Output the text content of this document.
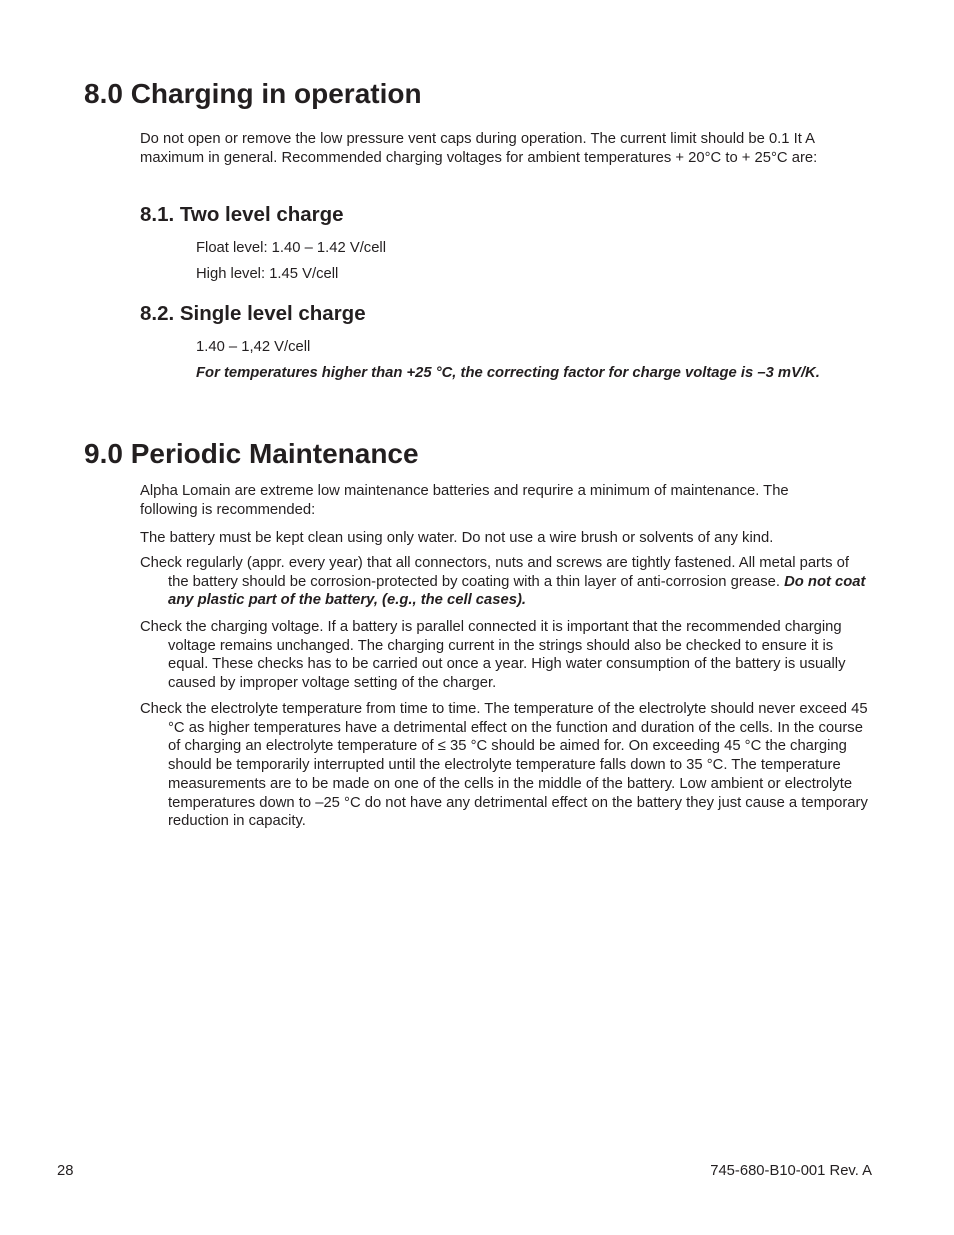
8.0 Charging in operation

Do not open or remove the low pressure vent caps during operation. The current limit should be 0.1 It A maximum in general. Recommended charging voltages for ambient temperatures + 20°C to + 25°C are:

8.1. Two level charge

Float level: 1.40 – 1.42 V/cell

High level: 1.45 V/cell

8.2. Single level charge

1.40 – 1,42 V/cell

For temperatures higher than +25 °C, the correcting factor for charge voltage is –3 mV/K.

9.0 Periodic Maintenance

Alpha Lomain are extreme low maintenance batteries and requrire a minimum of maintenance. The following is recommended:

The battery must be kept clean using only water. Do not use a wire brush or solvents of any kind.

Check regularly (appr. every year) that all connectors, nuts and screws are tightly fastened. All metal parts of the battery should be corrosion-protected by coating with a thin layer of anti-corrosion grease. Do not coat any plastic part of the battery, (e.g., the cell cases).

Check the charging voltage. If a battery is parallel connected it is important that the recommended charging voltage remains unchanged. The charging current in the strings should also be checked to ensure it is equal. These checks has to be carried out once a year. High water consumption of the battery is usually caused by improper voltage setting of the charger.

Check the electrolyte temperature from time to time. The temperature of the electrolyte should never exceed 45 °C as higher temperatures have a detrimental effect on the function and duration of the cells. In the course of charging an electrolyte temperature of ≤ 35 °C should be aimed for. On exceeding 45 °C the charging should be temporarily interrupted until the electrolyte temperature falls down to 35 °C. The temperature measurements are to be made on one of the cells in the middle of the battery. Low ambient or electrolyte temperatures down to –25 °C do not have any detrimental effect on the battery they just cause a temporary reduction in capacity.

28	745-680-B10-001 Rev. A
